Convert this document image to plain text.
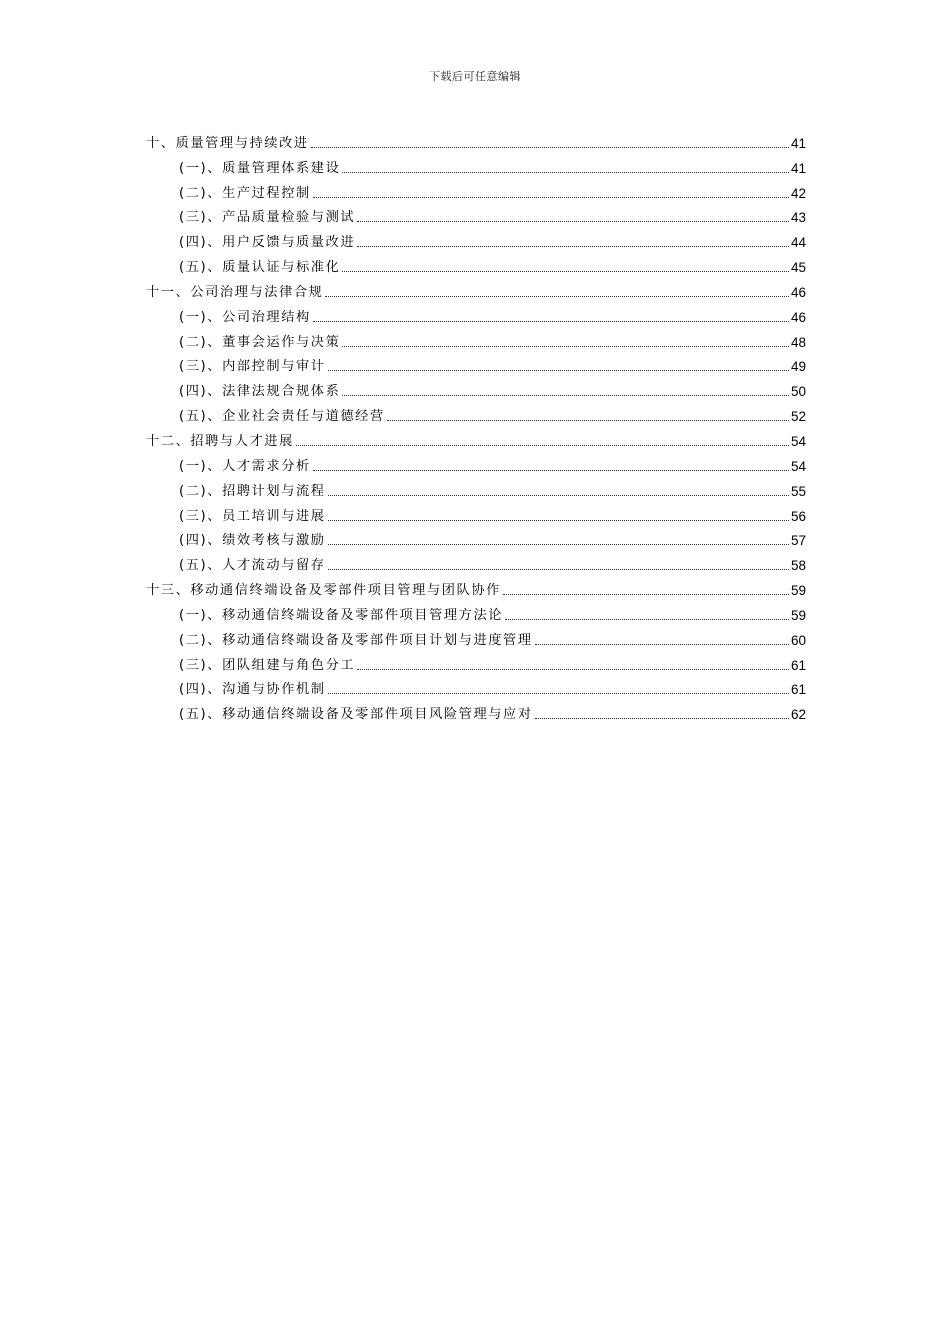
下载后可任意编辑
十、质量管理与持续改进	41
(一)、质量管理体系建设	41
(二)、生产过程控制	42
(三)、产品质量检验与测试	43
(四)、用户反馈与质量改进	44
(五)、质量认证与标准化	45
十一、公司治理与法律合规	46
(一)、公司治理结构	46
(二)、董事会运作与决策	48
(三)、内部控制与审计	49
(四)、法律法规合规体系	50
(五)、企业社会责任与道德经营	52
十二、招聘与人才进展	54
(一)、人才需求分析	54
(二)、招聘计划与流程	55
(三)、员工培训与进展	56
(四)、绩效考核与激励	57
(五)、人才流动与留存	58
十三、移动通信终端设备及零部件项目管理与团队协作	59
(一)、移动通信终端设备及零部件项目管理方法论	59
(二)、移动通信终端设备及零部件项目计划与进度管理	60
(三)、团队组建与角色分工	61
(四)、沟通与协作机制	61
(五)、移动通信终端设备及零部件项目风险管理与应对	62
